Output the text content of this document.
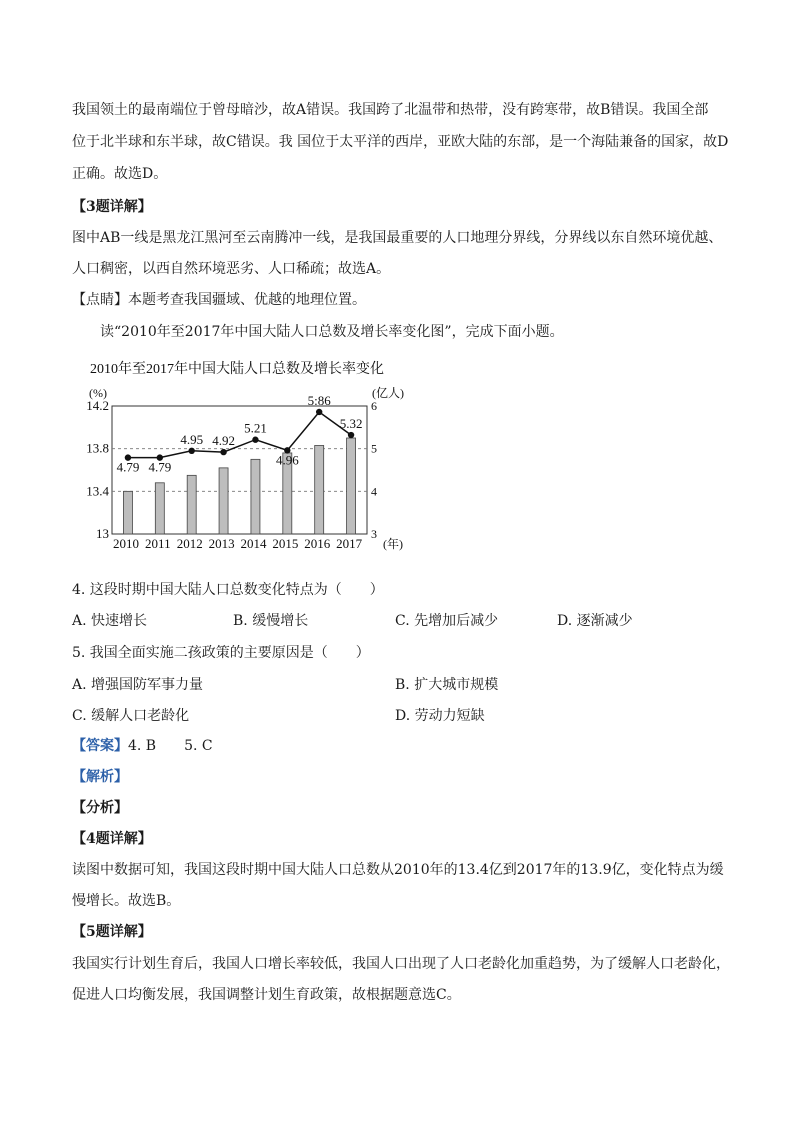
我国领土的最南端位于曾母暗沙，故A错误。我国跨了北温带和热带，没有跨寒带，故B错误。我国全部
位于北半球和东半球，故C错误。我 国位于太平洋的西岸，亚欧大陆的东部，是一个海陆兼备的国家，故D
正确。故选D。
【3题详解】
图中AB一线是黑龙江黑河至云南腾冲一线，是我国最重要的人口地理分界线，分界线以东自然环境优越、
人口稠密，以西自然环境恶劣、人口稀疏；故选A。
【点睛】本题考查我国疆域、优越的地理位置。
读“2010年至2017年中国大陆人口总数及增长率变化图”，完成下面小题。
2010年至2017年中国大陆人口总数及增长率变化
(%)	(亿人)
4.79 4.79
4.95 4.92
5.21
4.96
5:86
5.32
13
13.4
13.8
14.2
3
4
5
6
2010 2011 2012 2013 2014 2015 2016 2017 (年)
4. 这段时期中国大陆人口总数变化特点为（　　）
A. 快速增长	B. 缓慢增长	C. 先增加后减少	D. 逐渐减少
5. 我国全面实施二孩政策的主要原因是（　　）
A. 增强国防军事力量	B. 扩大城市规模
C. 缓解人口老龄化	D. 劳动力短缺
【答案】4. B　　5. C
【解析】
【分析】
【4题详解】
读图中数据可知，我国这段时期中国大陆人口总数从2010年的13.4亿到2017年的13.9亿，变化特点为缓
慢增长。故选B。
【5题详解】
我国实行计划生育后，我国人口增长率较低，我国人口出现了人口老龄化加重趋势，为了缓解人口老龄化，
促进人口均衡发展，我国调整计划生育政策，故根据题意选C。
